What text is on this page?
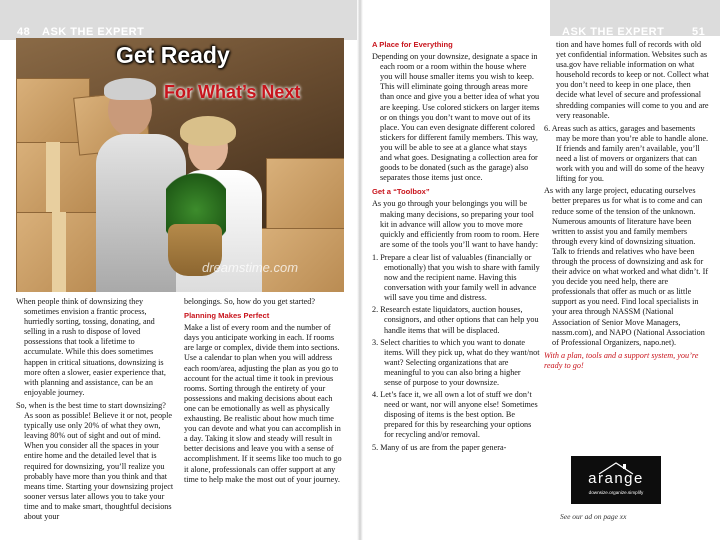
48 ASK THE EXPERT
Get Ready
For What’s Next
dreamstime.com

When people think of downsizing they sometimes envision a frantic process, hurriedly sorting, tossing, donating, and selling in a rush to dispose of loved possessions that took a lifetime to accumulate. While this does sometimes happen in critical situations, downsizing is more often a slower, easier experience that, with planning and assistance, can be an enjoyable journey.

So, when is the best time to start downsizing? As soon as possible! Believe it or not, people typically use only 20% of what they own, leaving 80% out of sight and out of mind. When you consider all the spaces in your entire home and the detailed level that is required for downsizing, you’ll realize you probably have more than you think and that means time. Starting your downsizing project sooner versus later allows you to take your time and to make smart, thoughtful decisions about your

belongings. So, how do you get started?

Planning Makes Perfect

Make a list of every room and the number of days you anticipate working in each. If rooms are large or complex, divide them into sections. Use a calendar to plan when you will address each room/area, adjusting the plan as you go to account for the actual time it took in previous rooms. Sorting through the entirety of your possessions and making decisions about each one can be emotionally as well as physically exhausting. Be realistic about how much time you can devote and what you can accomplish in a day. Taking it slow and steady will result in better decisions and leave you with a sense of accomplishment. If it seems like too much to go it alone, professionals can offer support at any time to help make the most out of your journey.

ASK THE EXPERT	51
A Place for Everything

Depending on your downsize, designate a space in each room or a room within the house where you will house smaller items you wish to keep. This will eliminate going through areas more than once and give you a better idea of what you are keeping. Use colored stickers on larger items or on things you don’t want to move out of its place. You can even designate different colored stickers for different family members. This way, you will be able to see at a glance what stays and what goes. Designating a collection area for goods to be donated (such as the garage) also separates those items just once.

Get a “Toolbox”

As you go through your belongings you will be making many decisions, so preparing your tool kit in advance will allow you to move more quickly and efficiently from room to room. Here are some of the tools you’ll want to have handy:

1. Prepare a clear list of valuables (financially or emotionally) that you wish to share with family now and the recipient name. Having this conversation with your family well in advance will save you time and distress.
2. Research estate liquidators, auction houses, consignors, and other options that can help you handle items that will be displaced.
3. Select charities to which you want to donate items. Will they pick up, what do they want/not want? Selecting organizations that are meaningful to you can also bring a higher sense of purpose to your downsize.
4. Let’s face it, we all own a lot of stuff we don’t need or want, nor will anyone else! Sometimes disposing of items is the best option. Be prepared for this by researching your options for recycling and/or removal.
5. Many of us are from the paper genera-

tion and have homes full of records with old yet confidential information. Websites such as usa.gov have reliable information on what household records to keep or not. Collect what you don’t need to keep in one place, then decide what level of secure and professional shredding companies will come to you and are very reasonable.

6. Areas such as attics, garages and basements may be more than you’re able to handle alone. If friends and family aren’t available, you’ll need a list of movers or organizers that can work with you and will do some of the heavy lifting for you.

As with any large project, educating ourselves better prepares us for what is to come and can reduce some of the tension of the unknown. Numerous amounts of literature have been written to assist you and family members through every kind of downsizing situation. Talk to friends and relatives who have been through the process of downsizing and ask for their advice on what worked and what didn’t. If you decide you need help, there are professionals that offer as much or as little support as you need. Find local specialists in your area through NASSM (National Association of Senior Move Managers, nassm.com), and NAPO (National Association of Professional Organizers, napo.net).

With a plan, tools and a support system, you’re ready to go!

arange
downsize.organize.simplify
See our ad on page xx
